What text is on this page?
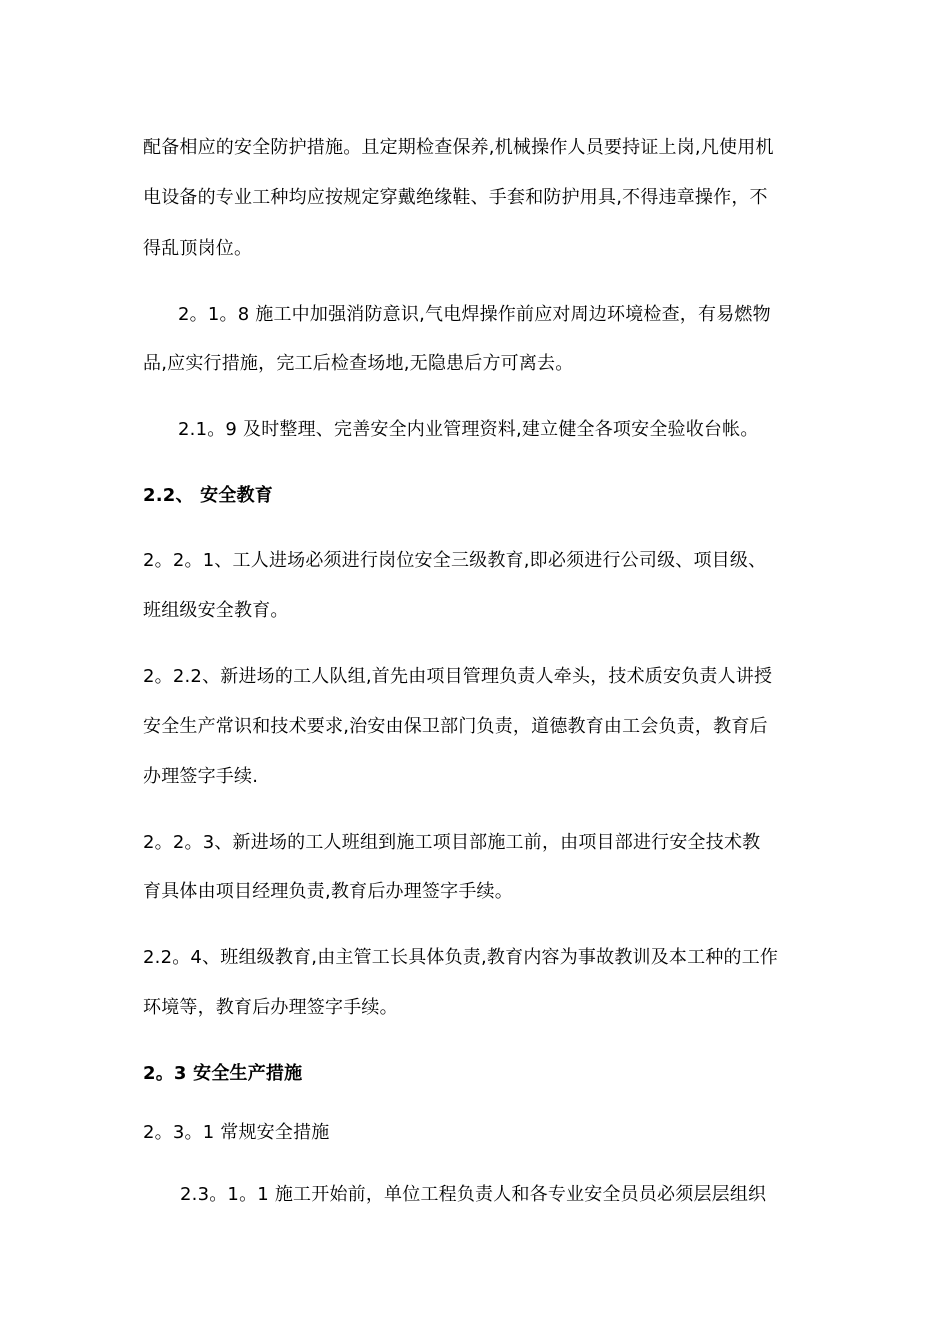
配备相应的安全防护措施。且定期检查保养,机械操作人员要持证上岗,凡使用机
电设备的专业工种均应按规定穿戴绝缘鞋、手套和防护用具,不得违章操作，不
得乱顶岗位。
2。1。8 施工中加强消防意识,气电焊操作前应对周边环境检查，有易燃物
品,应实行措施，完工后检查场地,无隐患后方可离去。
2.1。9 及时整理、完善安全内业管理资料,建立健全各项安全验收台帐。
2.2、 安全教育
2。2。1、工人进场必须进行岗位安全三级教育,即必须进行公司级、项目级、
班组级安全教育。
2。2.2、新进场的工人队组,首先由项目管理负责人牵头，技术质安负责人讲授
安全生产常识和技术要求,治安由保卫部门负责，道德教育由工会负责，教育后
办理签字手续.
2。2。3、新进场的工人班组到施工项目部施工前，由项目部进行安全技术教
育具体由项目经理负责,教育后办理签字手续。
2.2。4、班组级教育,由主管工长具体负责,教育内容为事故教训及本工种的工作
环境等，教育后办理签字手续。
2。3 安全生产措施
2。3。1 常规安全措施
2.3。1。1 施工开始前，单位工程负责人和各专业安全员员必须层层组织
